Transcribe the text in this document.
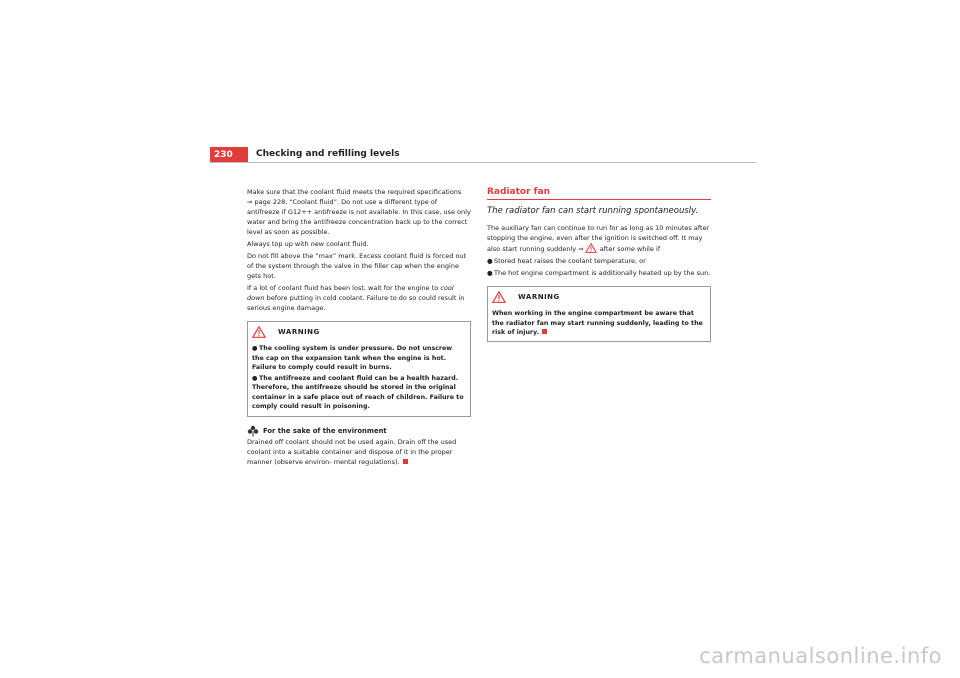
230	Checking and refilling levels

Make sure that the coolant fluid meets the required specifications
⇒ page 228, “Coolant fluid”. Do not use a different type of antifreeze if G12++ antifreeze is not available. In this case, use only water and bring the antifreeze concentration back up to the correct level as soon as possible.

Always top up with new coolant fluid.

Do not fill above the “max” mark. Excess coolant fluid is forced out of the system through the valve in the filler cap when the engine gets hot.

If a lot of coolant fluid has been lost, wait for the engine to cool down before putting in cold coolant. Failure to do so could result in serious engine damage.

WARNING
● The cooling system is under pressure. Do not unscrew the cap on the expansion tank when the engine is hot. Failure to comply could result in burns.
● The antifreeze and coolant fluid can be a health hazard. Therefore, the antifreeze should be stored in the original container in a safe place out of reach of children. Failure to comply could result in poisoning.
For the sake of the environment

Drained off coolant should not be used again. Drain off the used coolant into a suitable container and dispose of it in the proper manner (observe environ- mental regulations).

Radiator fan
The radiator fan can start running spontaneously.

The auxiliary fan can continue to run for as long as 10 minutes after stopping the engine, even after the ignition is switched off. It may also start running suddenly ⇒ after some while if

●Stored heat raises the coolant temperature, or

●The hot engine compartment is additionally heated up by the sun.

WARNING
When working in the engine compartment be aware that the radiator fan may start running suddenly, leading to the risk of injury.
carmanualsonline.info
